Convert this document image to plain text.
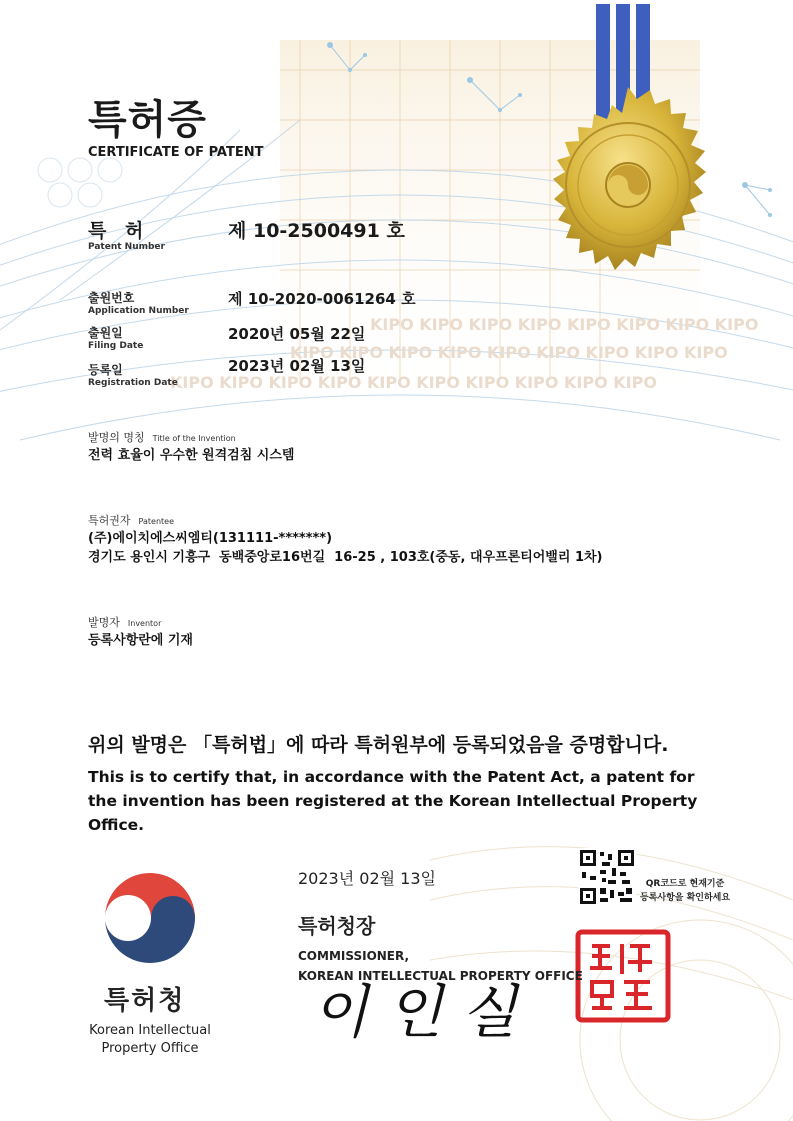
KIPO KIPO KIPO KIPO KIPO KIPO KIPO KIPO
KIPO KIPO KIPO KIPO KIPO KIPO KIPO KIPO KIPO
KIPO KIPO KIPO KIPO KIPO KIPO KIPO KIPO KIPO KIPO
이 인 실
특허증
CERTIFICATE OF PATENT
특 허
Patent Number
제 10-2500491 호
출원번호
Application Number
제 10-2020-0061264 호
출원일
Filing Date
2020년 05월 22일
등록일
Registration Date
2023년 02월 13일
발명의 명칭 Title of the Invention
전력 효율이 우수한 원격검침 시스템
특허권자 Patentee
(주)에이치에스씨엠티(131111-*******)
경기도 용인시 기흥구  동백중앙로16번길  16-25 , 103호(중동, 대우프론티어밸리 1차)
발명자 Inventor
등록사항란에 기재
위의 발명은 「특허법」에 따라 특허원부에 등록되었음을 증명합니다.
This is to certify that, in accordance with the Patent Act, a patent for the invention has been registered at the Korean Intellectual Property Office.
2023년 02월 13일
특허청장
COMMISSIONER,
KOREAN INTELLECTUAL PROPERTY OFFICE
QR코드로 현재기준
등록사항을 확인하세요
특허청
Korean Intellectual
Property Office
